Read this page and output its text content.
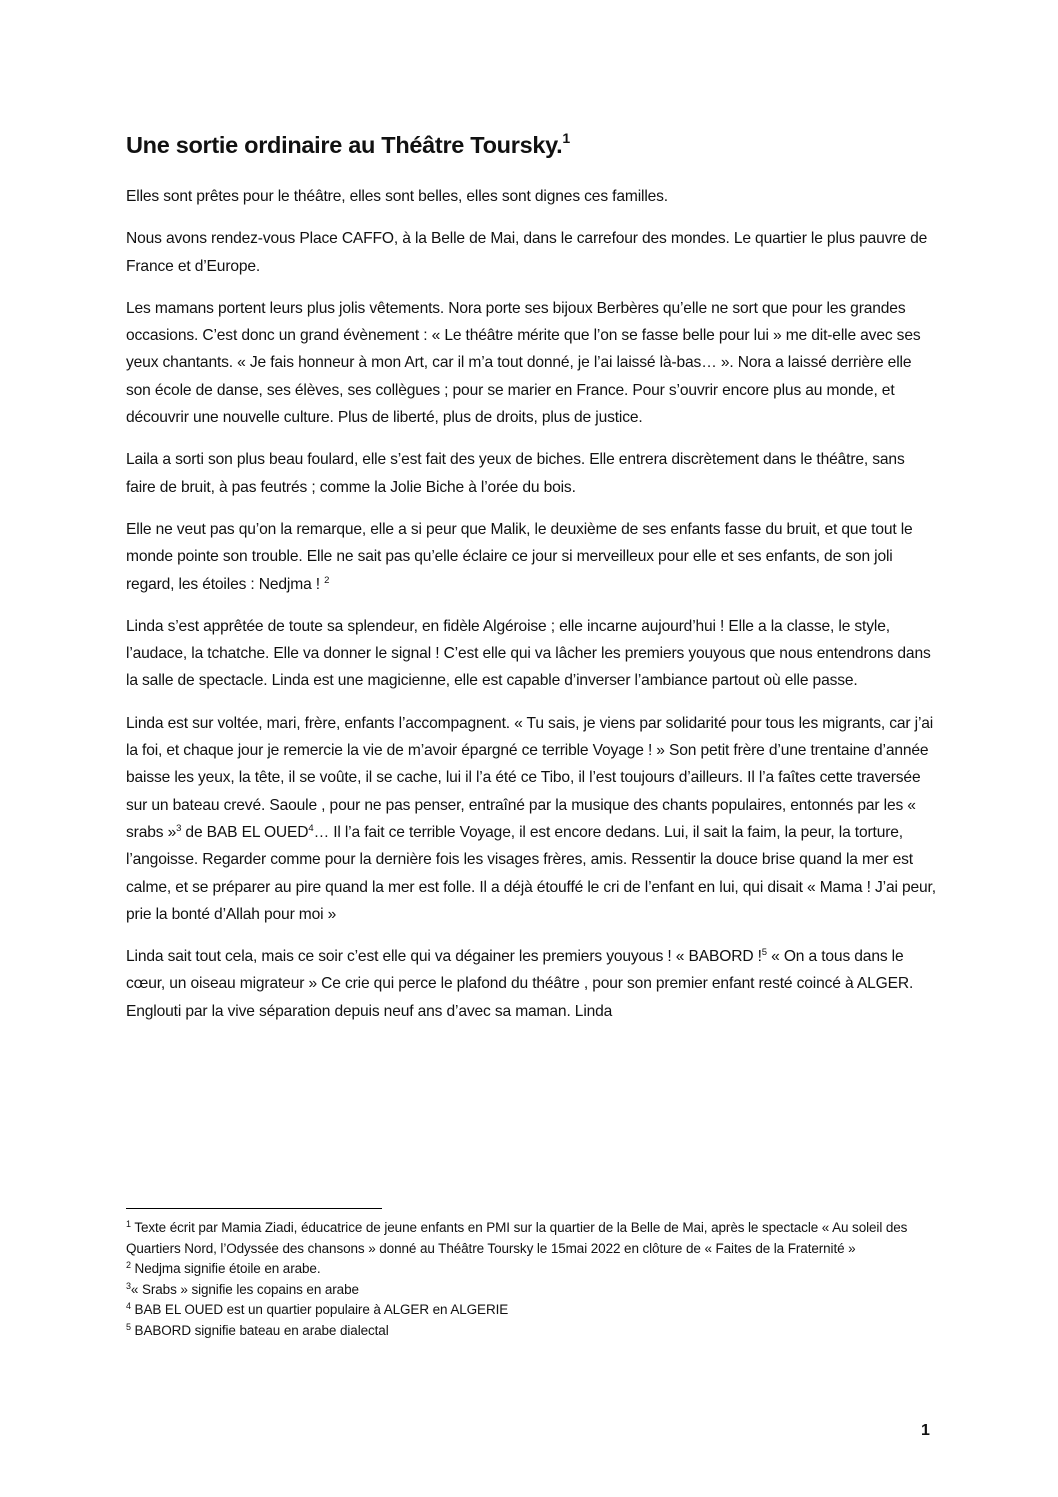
Une sortie ordinaire au Théâtre Toursky.$^1$

Elles sont prêtes pour le théâtre, elles sont belles, elles sont dignes ces familles.

Nous avons rendez-vous Place CAFFO, à la Belle de Mai, dans le carrefour des mondes. Le quartier le plus pauvre de France et d’Europe.

Les mamans portent leurs plus jolis vêtements. Nora porte ses bijoux Berbères qu’elle ne sort que pour les grandes occasions. C’est donc un grand évènement : « Le théâtre mérite que l’on se fasse belle pour lui » me dit-elle avec ses yeux chantants. « Je fais honneur à mon Art, car il m’a tout donné, je l’ai laissé là-bas… ». Nora a laissé derrière elle son école de danse, ses élèves, ses collègues ; pour se marier en France. Pour s’ouvrir encore plus au monde, et découvrir une nouvelle culture. Plus de liberté, plus de droits, plus de justice.

Laila a sorti son plus beau foulard, elle s’est fait des yeux de biches. Elle entrera discrètement dans le théâtre, sans faire de bruit, à pas feutrés ; comme la Jolie Biche à l’orée du bois.

Elle ne veut pas qu’on la remarque, elle a si peur que Malik, le deuxième de ses enfants fasse du bruit, et que tout le monde pointe son trouble. Elle ne sait pas qu’elle éclaire ce jour si merveilleux pour elle et ses enfants, de son joli regard, les étoiles : Nedjma ! $^2$

Linda s’est apprêtée de toute sa splendeur, en fidèle Algéroise ; elle incarne aujourd’hui ! Elle a la classe, le style, l’audace, la tchatche. Elle va donner le signal ! C’est elle qui va lâcher les premiers youyous que nous entendrons dans la salle de spectacle. Linda est une magicienne, elle est capable d’inverser l’ambiance partout où elle passe.

Linda est sur voltée, mari, frère, enfants l’accompagnent. « Tu sais, je viens par solidarité pour tous les migrants, car j’ai la foi, et chaque jour je remercie la vie de m’avoir épargné ce terrible Voyage ! » Son petit frère d’une trentaine d’année baisse les yeux, la tête, il se voûte, il se cache, lui il l’a été ce Tibo, il l’est toujours d’ailleurs. Il l’a faîtes cette traversée sur un bateau crevé. Saoule , pour ne pas penser, entraîné par la musique des chants populaires, entonnés par les « srabs »$^3$ de BAB EL OUED$^4$… Il l’a fait ce terrible Voyage, il est encore dedans. Lui, il sait la faim, la peur, la torture, l’angoisse. Regarder comme pour la dernière fois les visages frères, amis. Ressentir la douce brise quand la mer est calme, et se préparer au pire quand la mer est folle. Il a déjà étouffé le cri de l’enfant en lui, qui disait « Mama ! J’ai peur, prie la bonté d’Allah pour moi »

Linda sait tout cela, mais ce soir c’est elle qui va dégainer les premiers youyous ! « BABORD !$^5$ « On a tous dans le cœur, un oiseau migrateur » Ce crie qui perce le plafond du théâtre , pour son premier enfant resté coincé à ALGER. Englouti par la vive séparation depuis neuf ans d’avec sa maman. Linda

$^1$ Texte écrit par Mamia Ziadi, éducatrice de jeune enfants en PMI sur la quartier de la Belle de Mai, après le spectacle « Au soleil des Quartiers Nord, l’Odyssée des chansons » donné au Théâtre Toursky le 15mai 2022 en clôture de « Faites de la Fraternité »
$^2$ Nedjma signifie étoile en arabe.
$^3$« Srabs » signifie les copains en arabe
$^4$ BAB EL OUED est un quartier populaire à ALGER en ALGERIE
$^5$ BABORD signifie bateau en arabe dialectal
1
